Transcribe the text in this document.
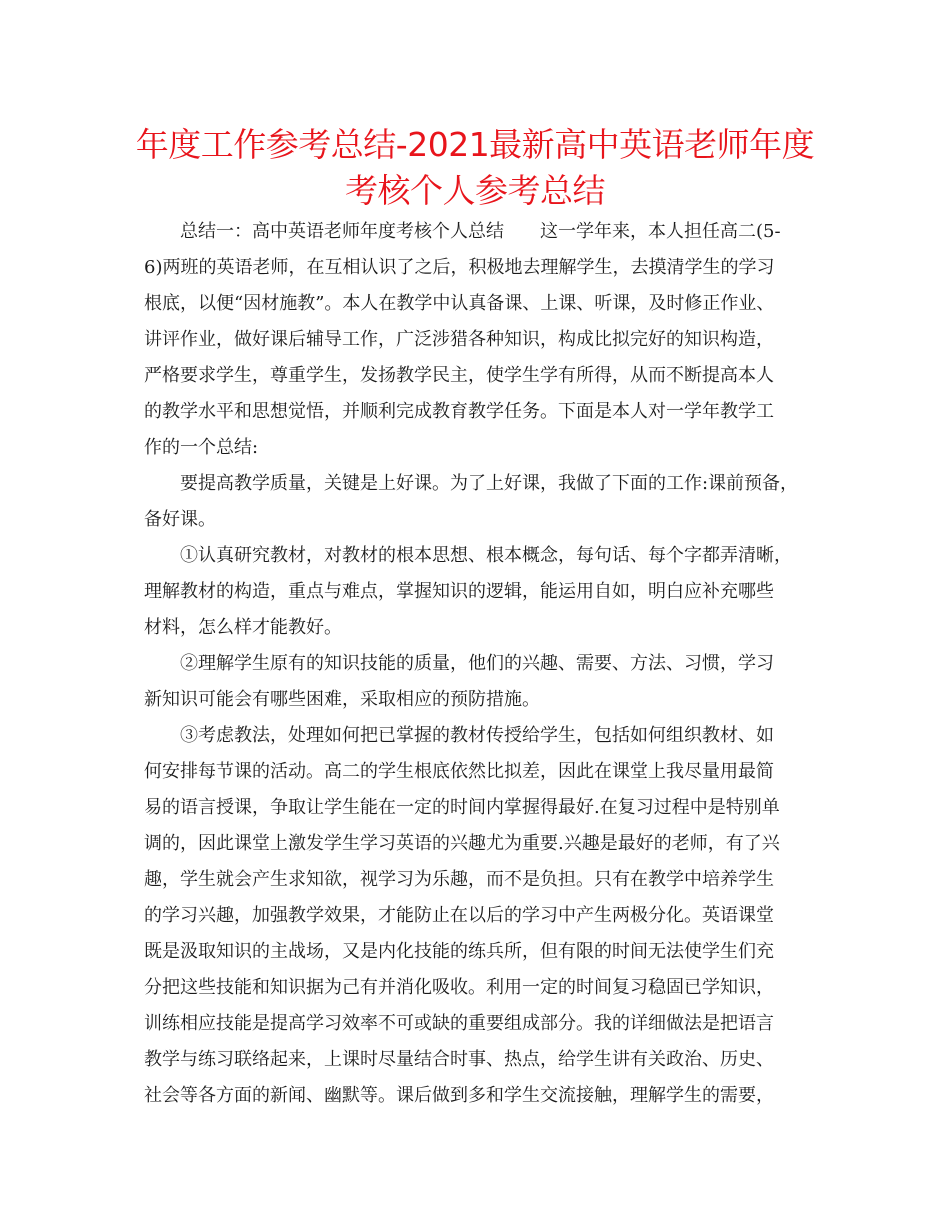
年度工作参考总结-2021最新高中英语老师年度
考核个人参考总结
总结一：高中英语老师年度考核个人总结　　这一学年来，本人担任高二(5-
6)两班的英语老师，在互相认识了之后，积极地去理解学生，去摸清学生的学习
根底，以便“因材施教”。本人在教学中认真备课、上课、听课，及时修正作业、
讲评作业，做好课后辅导工作，广泛涉猎各种知识，构成比拟完好的知识构造，
严格要求学生，尊重学生，发扬教学民主，使学生学有所得，从而不断提高本人
的教学水平和思想觉悟，并顺利完成教育教学任务。下面是本人对一学年教学工
作的一个总结:
要提高教学质量，关键是上好课。为了上好课，我做了下面的工作:课前预备，
备好课。
①认真研究教材，对教材的根本思想、根本概念，每句话、每个字都弄清晰，
理解教材的构造，重点与难点，掌握知识的逻辑，能运用自如，明白应补充哪些
材料，怎么样才能教好。
②理解学生原有的知识技能的质量，他们的兴趣、需要、方法、习惯，学习
新知识可能会有哪些困难，采取相应的预防措施。
③考虑教法，处理如何把已掌握的教材传授给学生，包括如何组织教材、如
何安排每节课的活动。高二的学生根底依然比拟差，因此在课堂上我尽量用最简
易的语言授课，争取让学生能在一定的时间内掌握得最好.在复习过程中是特别单
调的，因此课堂上激发学生学习英语的兴趣尤为重要.兴趣是最好的老师，有了兴
趣，学生就会产生求知欲，视学习为乐趣，而不是负担。只有在教学中培养学生
的学习兴趣，加强教学效果，才能防止在以后的学习中产生两极分化。英语课堂
既是汲取知识的主战场，又是内化技能的练兵所，但有限的时间无法使学生们充
分把这些技能和知识据为己有并消化吸收。利用一定的时间复习稳固已学知识，
训练相应技能是提高学习效率不可或缺的重要组成部分。我的详细做法是把语言
教学与练习联络起来，上课时尽量结合时事、热点，给学生讲有关政治、历史、
社会等各方面的新闻、幽默等。课后做到多和学生交流接触，理解学生的需要，
